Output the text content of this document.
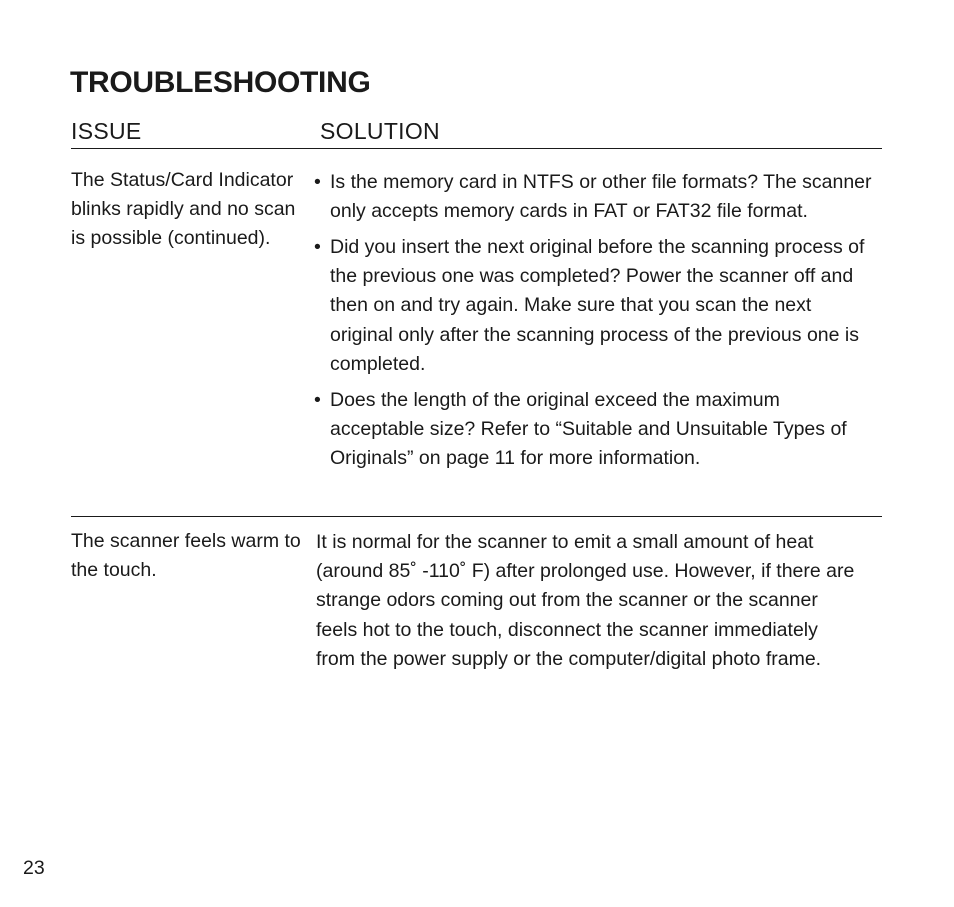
TROUBLESHOOTING
ISSUE	SOLUTION
The Status/Card Indicator blinks rapidly and no scan is possible (continued).
• Is the memory card in NTFS or other file formats? The scanner only accepts memory cards in FAT or FAT32 file format.
• Did you insert the next original before the scanning process of the previous one was completed? Power the scanner off and then on and try again. Make sure that you scan the next original only after the scanning process of the previous one is completed.
• Does the length of the original exceed the maximum acceptable size? Refer to “Suitable and Unsuitable Types of Originals” on page 11 for more information.
The scanner feels warm to the touch.
It is normal for the scanner to emit a small amount of heat (around 85˚ -110˚ F) after prolonged use. However, if there are strange odors coming out from the scanner or the scanner feels hot to the touch, disconnect the scanner immediately from the power supply or the computer/digital photo frame.
23
